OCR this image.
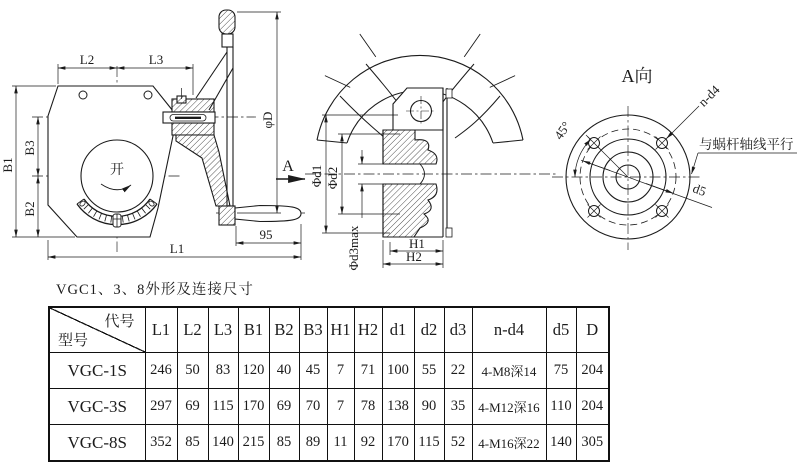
开
L2	L3
B1
B3
B2
L1
φD
95
A Φd1 Φd2
Φd3max	H1
H2
A向
45°
n-d4
d5
与蜗杆轴线平行
VGC1、3、8外形及连接尺寸
代号
型号	L1	L2	L3	B1	B2	B3	H1	H2	d1	d2	d3	n-d4	d5	D
VGC-1S	246	50	83	120	40	45	7	71	100	55	22	4-M8深14	75	204
VGC-3S	297	69	115	170	69	70	7	78	138	90	35	4-M12深16	110	204
VGC-8S	352	85	140	215	85	89	11	92	170	115	52	4-M16深22	140	305
